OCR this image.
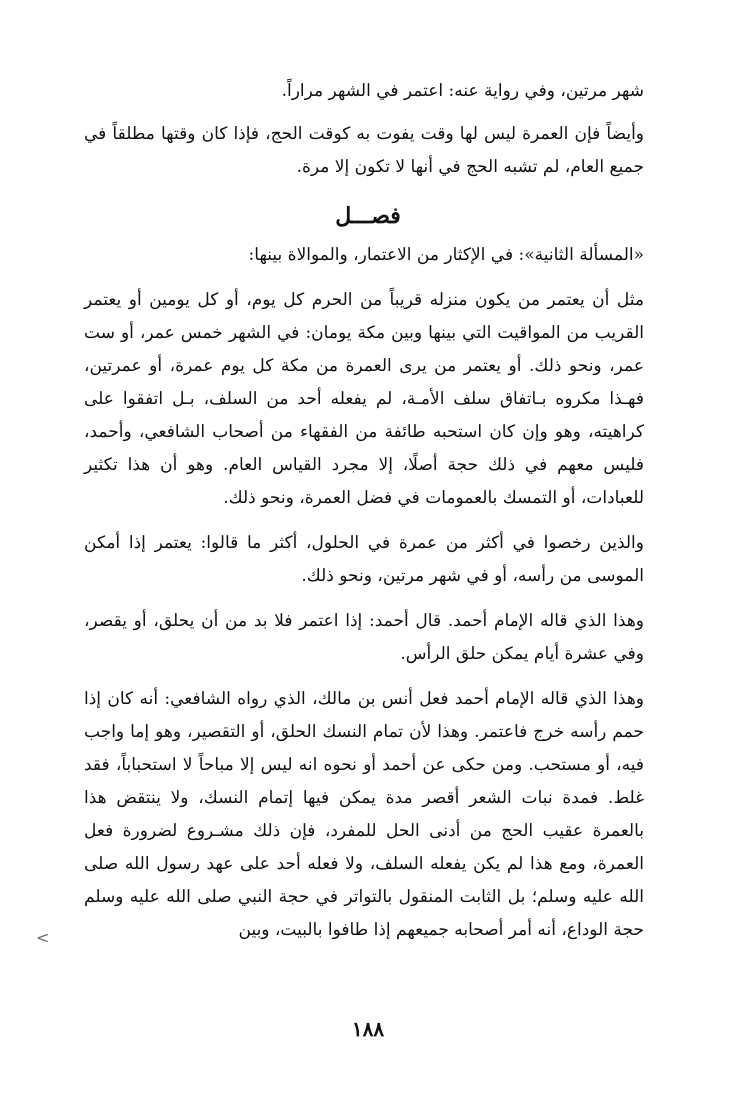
شهر مرتين، وفي رواية عنه: اعتمر في الشهر مراراً.

وأيضاً فإن العمرة ليس لها وقت يفوت به كوقت الحج، فإذا كان وقتها مطلقاً في جميع العام، لم تشبه الحج في أنها لا تكون إلا مرة.

فصـــل

«المسألة الثانية»: في الإكثار من الاعتمار، والموالاة بينها:

مثل أن يعتمر من يكون منزله قريباً من الحرم كل يوم، أو كل يومين أو يعتمر القريب من المواقيت التي بينها وبين مكة يومان: في الشهر خمس عمر، أو ست عمر، ونحو ذلك. أو يعتمر من يرى العمرة من مكة كل يوم عمرة، أو عمرتين، فهـذا مكروه بـاتفاق سلف الأمـة، لم يفعله أحد من السلف، بـل اتفقوا على كراهيته، وهو وإن كان استحبه طائفة من الفقهاء من أصحاب الشافعي، وأحمد، فليس معهم في ذلك حجة أصلًا، إلا مجرد القياس العام. وهو أن هذا تكثير للعبادات، أو التمسك بالعمومات في فضل العمرة، ونحو ذلك.

والذين رخصوا في أكثر من عمرة في الحلول، أكثر ما قالوا: يعتمر إذا أمكن الموسى من رأسه، أو في شهر مرتين، ونحو ذلك.

وهذا الذي قاله الإمام أحمد. قال أحمد: إذا اعتمر فلا بد من أن يحلق، أو يقصر، وفي عشرة أيام يمكن حلق الرأس.

وهذا الذي قاله الإمام أحمد فعل أنس بن مالك، الذي رواه الشافعي: أنه كان إذا حمم رأسه خرج فاعتمر. وهذا لأن تمام النسك الحلق، أو التقصير، وهو إما واجب فيه، أو مستحب. ومن حكى عن أحمد أو نحوه انه ليس إلا مباحاً لا استحباباً، فقد غلط. فمدة نبات الشعر أقصر مدة يمكن فيها إتمام النسك، ولا ينتقض هذا بالعمرة عقيب الحج من أدنى الحل للمفرد، فإن ذلك مشـروع لضرورة فعل العمرة، ومع هذا لم يكن يفعله السلف، ولا فعله أحد على عهد رسول الله صلى الله عليه وسلم؛ بل الثابت المنقول بالتواتر في حجة النبي صلى الله عليه وسلم حجة الوداع، أنه أمر أصحابه جميعهم إذا طافوا بالبيت، وبين

<
١٨٨
